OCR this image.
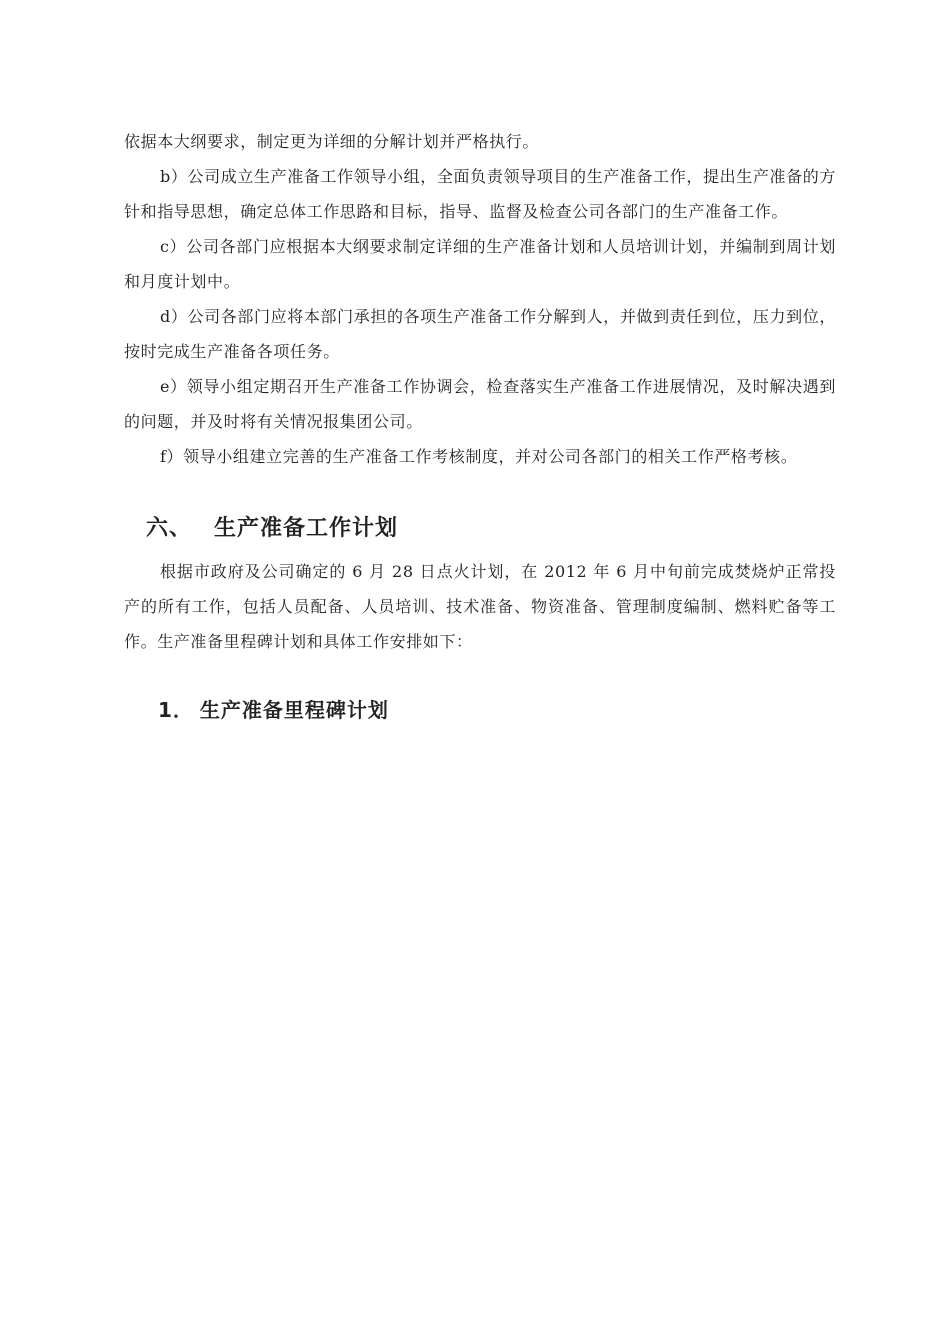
依据本大纲要求，制定更为详细的分解计划并严格执行。

b）公司成立生产准备工作领导小组，全面负责领导项目的生产准备工作，提出生产准备的方针和指导思想，确定总体工作思路和目标，指导、监督及检查公司各部门的生产准备工作。

c）公司各部门应根据本大纲要求制定详细的生产准备计划和人员培训计划，并编制到周计划和月度计划中。

d）公司各部门应将本部门承担的各项生产准备工作分解到人，并做到责任到位，压力到位，按时完成生产准备各项任务。

e）领导小组定期召开生产准备工作协调会，检查落实生产准备工作进展情况，及时解决遇到的问题，并及时将有关情况报集团公司。

f）领导小组建立完善的生产准备工作考核制度，并对公司各部门的相关工作严格考核。

六、 生产准备工作计划

根据市政府及公司确定的 6 月 28 日点火计划，在 2012 年 6 月中旬前完成焚烧炉正常投产的所有工作，包括人员配备、人员培训、技术准备、物资准备、管理制度编制、燃料贮备等工作。生产准备里程碑计划和具体工作安排如下：

1． 生产准备里程碑计划
